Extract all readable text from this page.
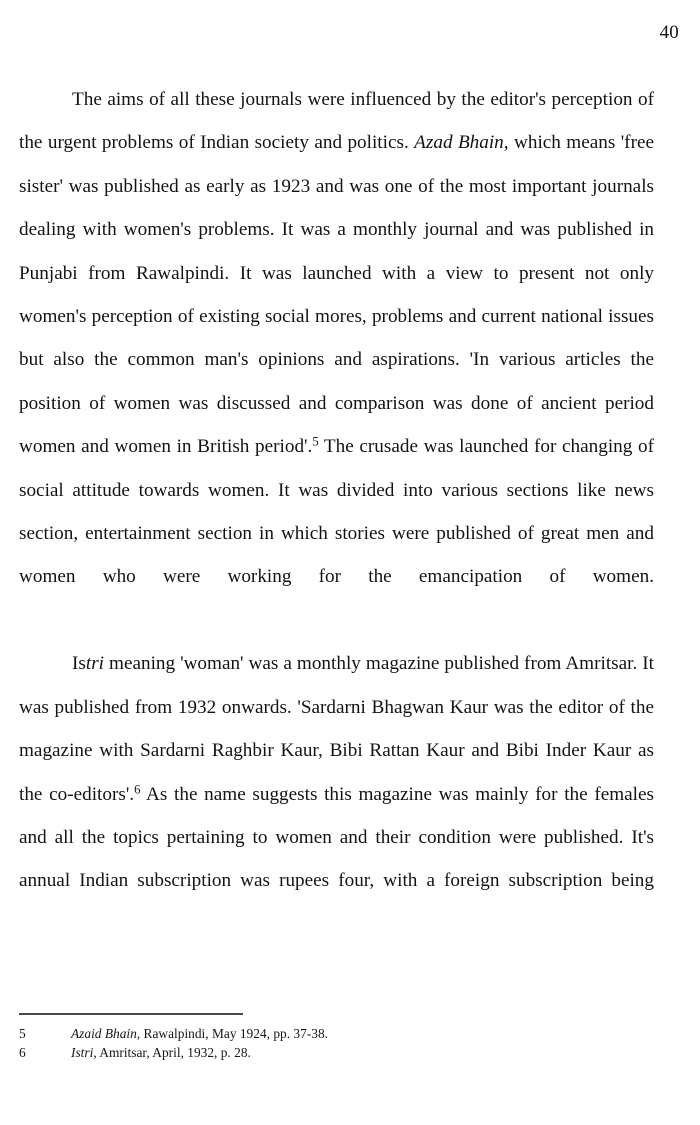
40

The aims of all these journals were influenced by the editor's perception of the urgent problems of Indian society and politics. Azad Bhain, which means 'free sister' was published as early as 1923 and was one of the most important journals dealing with women's problems. It was a monthly journal and was published in Punjabi from Rawalpindi. It was launched with a view to present not only women's perception of existing social mores, problems and current national issues but also the common man's opinions and aspirations. 'In various articles the position of women was discussed and comparison was done of ancient period women and women in British period'.$^5$ The crusade was launched for changing of social attitude towards women. It was divided into various sections like news section, entertainment section in which stories were published of great men and women who were working for the emancipation of women.

Istri meaning 'woman' was a monthly magazine published from Amritsar. It was published from 1932 onwards. 'Sardarni Bhagwan Kaur was the editor of the magazine with Sardarni Raghbir Kaur, Bibi Rattan Kaur and Bibi Inder Kaur as the co-editors'.$^6$ As the name suggests this magazine was mainly for the females and all the topics pertaining to women and their condition were published. It's annual Indian subscription was rupees four, with a foreign subscription being

5	Azaid Bhain, Rawalpindi, May 1924, pp. 37-38.
6	Istri, Amritsar, April, 1932, p. 28.
